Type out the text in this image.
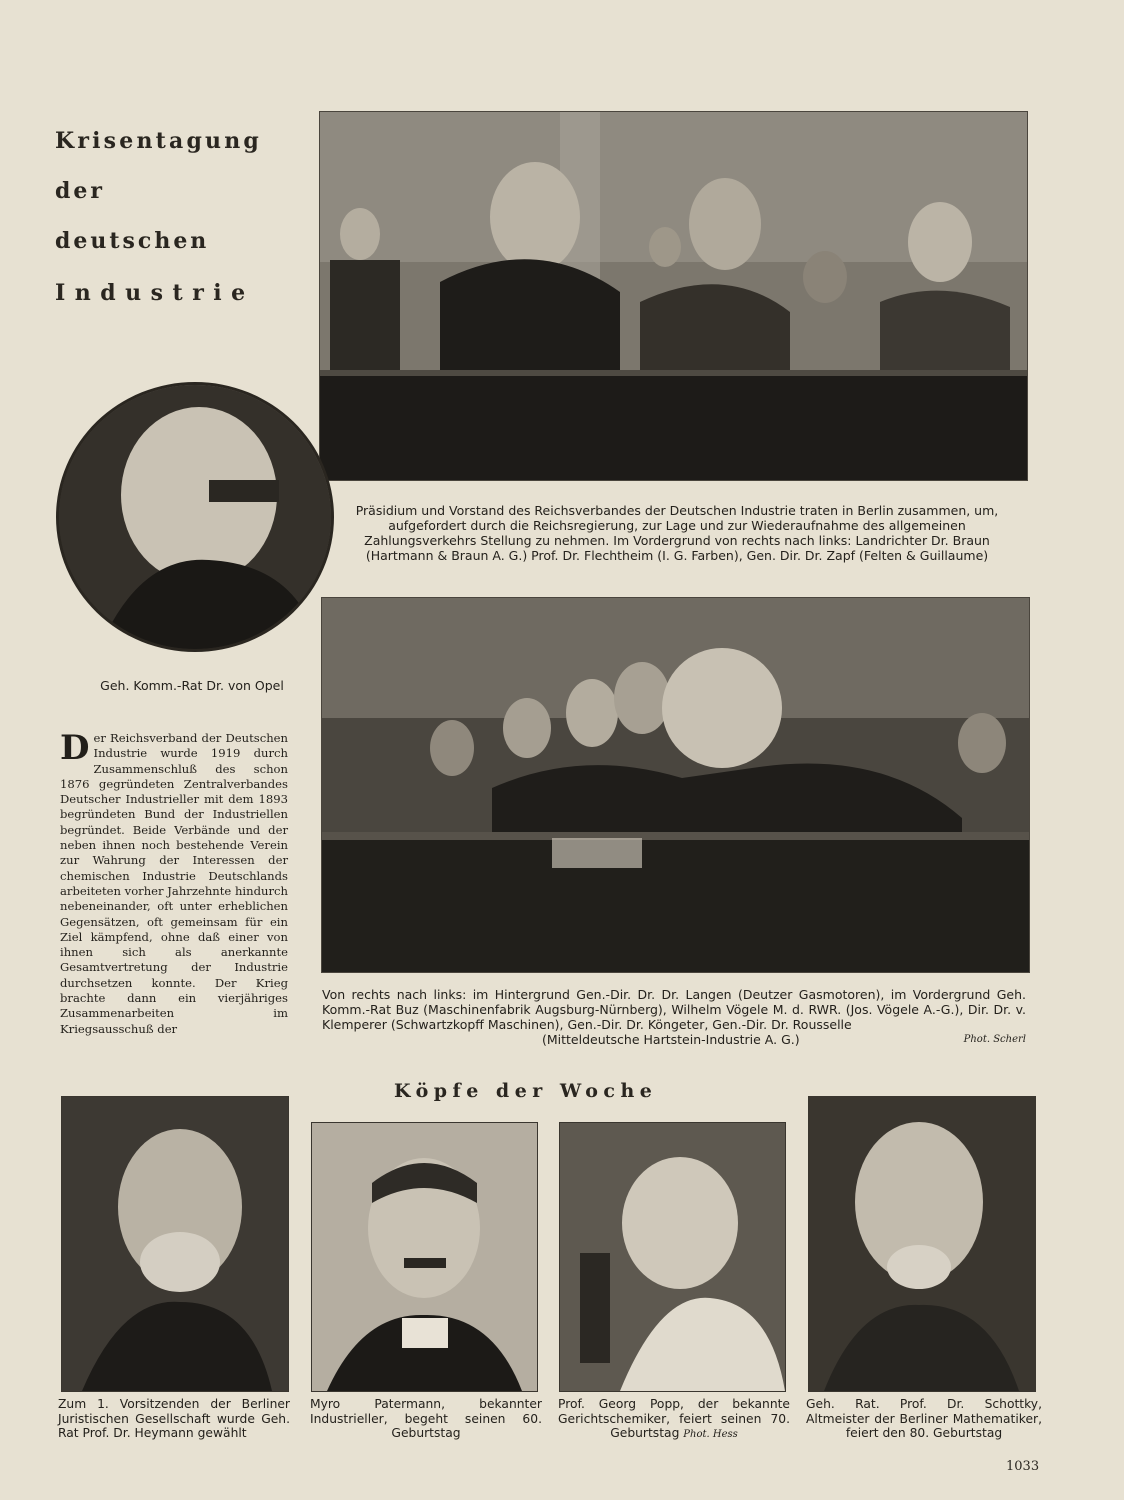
Krisentagung
der
deutschen
Industrie
Präsidium und Vorstand des Reichsverbandes der Deutschen Industrie traten in Berlin zusammen, um, aufgefordert durch die Reichsregierung, zur Lage und zur Wiederaufnahme des allgemeinen Zahlungsverkehrs Stellung zu nehmen. Im Vordergrund von rechts nach links: Landrichter Dr. Braun (Hartmann & Braun A. G.) Prof. Dr. Flechtheim (I. G. Farben), Gen. Dir. Dr. Zapf (Felten & Guillaume)
Geh. Komm.-Rat Dr. von Opel
Von rechts nach links: im Hintergrund Gen.-Dir. Dr. Dr. Langen (Deutzer Gasmotoren), im Vordergrund Geh. Komm.-Rat Buz (Maschinenfabrik Augsburg-Nürnberg), Wilhelm Vögele M. d. RWR. (Jos. Vögele A.-G.), Dir. Dr. v. Klemperer (Schwartzkopff Maschinen), Gen.-Dir. Dr. Köngeter, Gen.-Dir. Dr. Rousselle
(Mitteldeutsche Hartstein-Industrie A. G.)	Phot. Scherl
Der Reichsverband der Deutschen Industrie wurde 1919 durch Zusammenschluß des schon 1876 gegründeten Zentralverbandes Deutscher Industrieller mit dem 1893 begründeten Bund der Industriellen begründet. Beide Verbände und der neben ihnen noch bestehende Verein zur Wahrung der Interessen der chemischen Industrie Deutschlands arbeiteten vorher Jahrzehnte hindurch nebeneinander, oft unter erheblichen Gegensätzen, oft gemeinsam für ein Ziel kämpfend, ohne daß einer von ihnen sich als anerkannte Gesamtvertretung der Industrie durchsetzen konnte. Der Krieg brachte dann ein vierjähriges Zusammenarbeiten im Kriegsausschuß der
Köpfe der Woche
Zum 1. Vorsitzenden der Berliner Juristischen Gesellschaft wurde Geh. Rat Prof. Dr. Heymann gewählt
Myro Patermann, bekannter Industrieller, begeht seinen 60. Geburtstag
Prof. Georg Popp, der bekannte Gerichtschemiker, feiert seinen 70. Geburtstag Phot. Hess
Geh. Rat. Prof. Dr. Schottky, Altmeister der Berliner Mathematiker, feiert den 80. Geburtstag
1033
